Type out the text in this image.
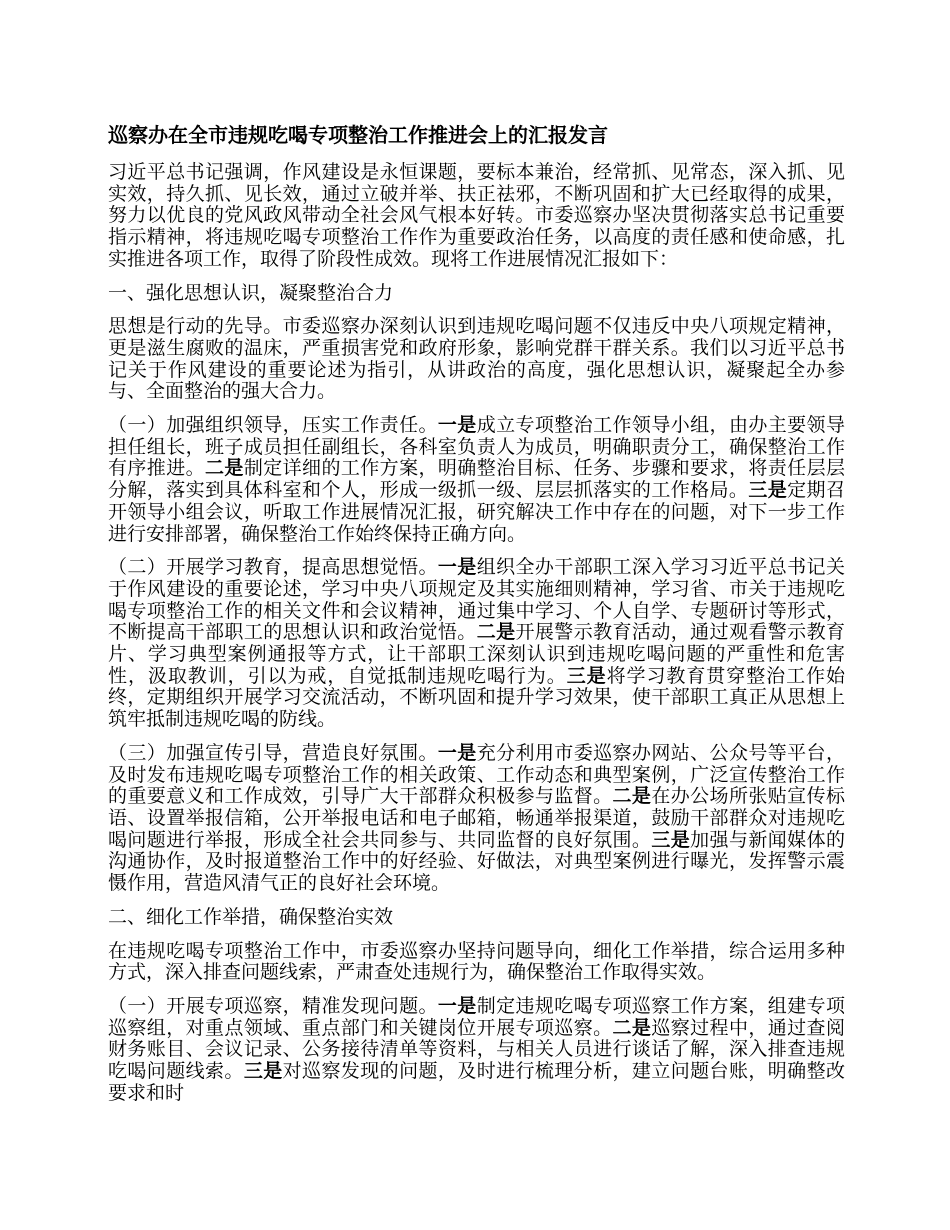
巡察办在全市违规吃喝专项整治工作推进会上的汇报发言

习近平总书记强调，作风建设是永恒课题，要标本兼治，经常抓、见常态，深入抓、见实效，持久抓、见长效，通过立破并举、扶正祛邪，不断巩固和扩大已经取得的成果，努力以优良的党风政风带动全社会风气根本好转。市委巡察办坚决贯彻落实总书记重要指示精神，将违规吃喝专项整治工作作为重要政治任务，以高度的责任感和使命感，扎实推进各项工作，取得了阶段性成效。现将工作进展情况汇报如下：

一、强化思想认识，凝聚整治合力

思想是行动的先导。市委巡察办深刻认识到违规吃喝问题不仅违反中央八项规定精神，更是滋生腐败的温床，严重损害党和政府形象，影响党群干群关系。我们以习近平总书记关于作风建设的重要论述为指引，从讲政治的高度，强化思想认识，凝聚起全办参与、全面整治的强大合力。

（一）加强组织领导，压实工作责任。一是成立专项整治工作领导小组，由办主要领导担任组长，班子成员担任副组长，各科室负责人为成员，明确职责分工，确保整治工作有序推进。二是制定详细的工作方案，明确整治目标、任务、步骤和要求，将责任层层分解，落实到具体科室和个人，形成一级抓一级、层层抓落实的工作格局。三是定期召开领导小组会议，听取工作进展情况汇报，研究解决工作中存在的问题，对下一步工作进行安排部署，确保整治工作始终保持正确方向。

（二）开展学习教育，提高思想觉悟。一是组织全办干部职工深入学习习近平总书记关于作风建设的重要论述，学习中央八项规定及其实施细则精神，学习省、市关于违规吃喝专项整治工作的相关文件和会议精神，通过集中学习、个人自学、专题研讨等形式，不断提高干部职工的思想认识和政治觉悟。二是开展警示教育活动，通过观看警示教育片、学习典型案例通报等方式，让干部职工深刻认识到违规吃喝问题的严重性和危害性，汲取教训，引以为戒，自觉抵制违规吃喝行为。三是将学习教育贯穿整治工作始终，定期组织开展学习交流活动，不断巩固和提升学习效果，使干部职工真正从思想上筑牢抵制违规吃喝的防线。

（三）加强宣传引导，营造良好氛围。一是充分利用市委巡察办网站、公众号等平台，及时发布违规吃喝专项整治工作的相关政策、工作动态和典型案例，广泛宣传整治工作的重要意义和工作成效，引导广大干部群众积极参与监督。二是在办公场所张贴宣传标语、设置举报信箱，公开举报电话和电子邮箱，畅通举报渠道，鼓励干部群众对违规吃喝问题进行举报，形成全社会共同参与、共同监督的良好氛围。三是加强与新闻媒体的沟通协作，及时报道整治工作中的好经验、好做法，对典型案例进行曝光，发挥警示震慑作用，营造风清气正的良好社会环境。

二、细化工作举措，确保整治实效

在违规吃喝专项整治工作中，市委巡察办坚持问题导向，细化工作举措，综合运用多种方式，深入排查问题线索，严肃查处违规行为，确保整治工作取得实效。

（一）开展专项巡察，精准发现问题。一是制定违规吃喝专项巡察工作方案，组建专项巡察组，对重点领域、重点部门和关键岗位开展专项巡察。二是巡察过程中，通过查阅财务账目、会议记录、公务接待清单等资料，与相关人员进行谈话了解，深入排查违规吃喝问题线索。三是对巡察发现的问题，及时进行梳理分析，建立问题台账，明确整改要求和时
